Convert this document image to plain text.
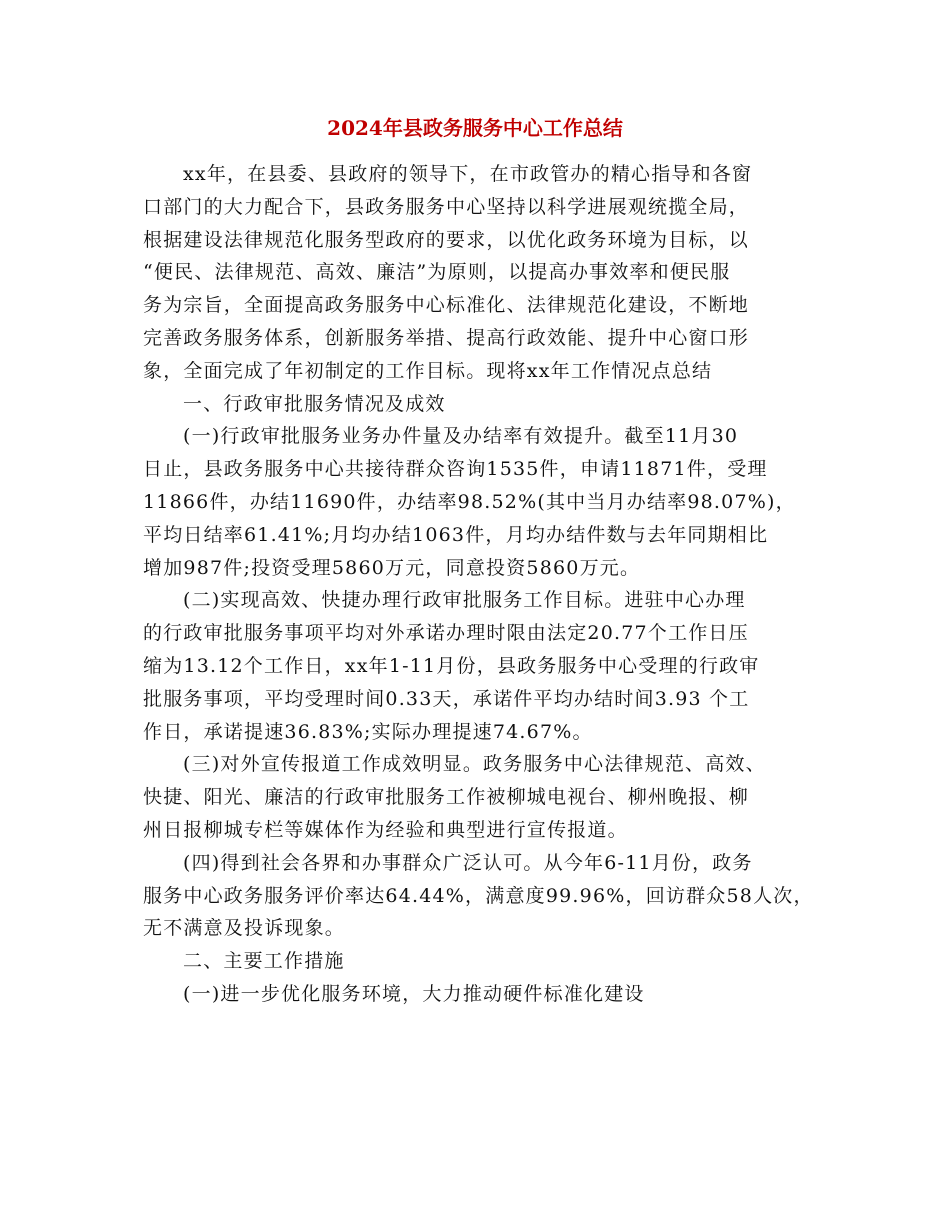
2024年县政务服务中心工作总结
xx年，在县委、县政府的领导下，在市政管办的精心指导和各窗
口部门的大力配合下，县政务服务中心坚持以科学进展观统揽全局，
根据建设法律规范化服务型政府的要求，以优化政务环境为目标，以
“便民、法律规范、高效、廉洁”为原则，以提高办事效率和便民服
务为宗旨，全面提高政务服务中心标准化、法律规范化建设，不断地
完善政务服务体系，创新服务举措、提高行政效能、提升中心窗口形
象，全面完成了年初制定的工作目标。现将xx年工作情况点总结
一、行政审批服务情况及成效
(一)行政审批服务业务办件量及办结率有效提升。截至11月30
日止，县政务服务中心共接待群众咨询1535件，申请11871件，受理
11866件，办结11690件，办结率98.52%(其中当月办结率98.07%)，
平均日结率61.41%;月均办结1063件，月均办结件数与去年同期相比
增加987件;投资受理5860万元，同意投资5860万元。
(二)实现高效、快捷办理行政审批服务工作目标。进驻中心办理
的行政审批服务事项平均对外承诺办理时限由法定20.77个工作日压
缩为13.12个工作日，xx年1-11月份，县政务服务中心受理的行政审
批服务事项，平均受理时间0.33天，承诺件平均办结时间3.93 个工
作日，承诺提速36.83%;实际办理提速74.67%。
(三)对外宣传报道工作成效明显。政务服务中心法律规范、高效、
快捷、阳光、廉洁的行政审批服务工作被柳城电视台、柳州晚报、柳
州日报柳城专栏等媒体作为经验和典型进行宣传报道。
(四)得到社会各界和办事群众广泛认可。从今年6-11月份，政务
服务中心政务服务评价率达64.44%，满意度99.96%，回访群众58人次，
无不满意及投诉现象。
二、主要工作措施
(一)进一步优化服务环境，大力推动硬件标准化建设
